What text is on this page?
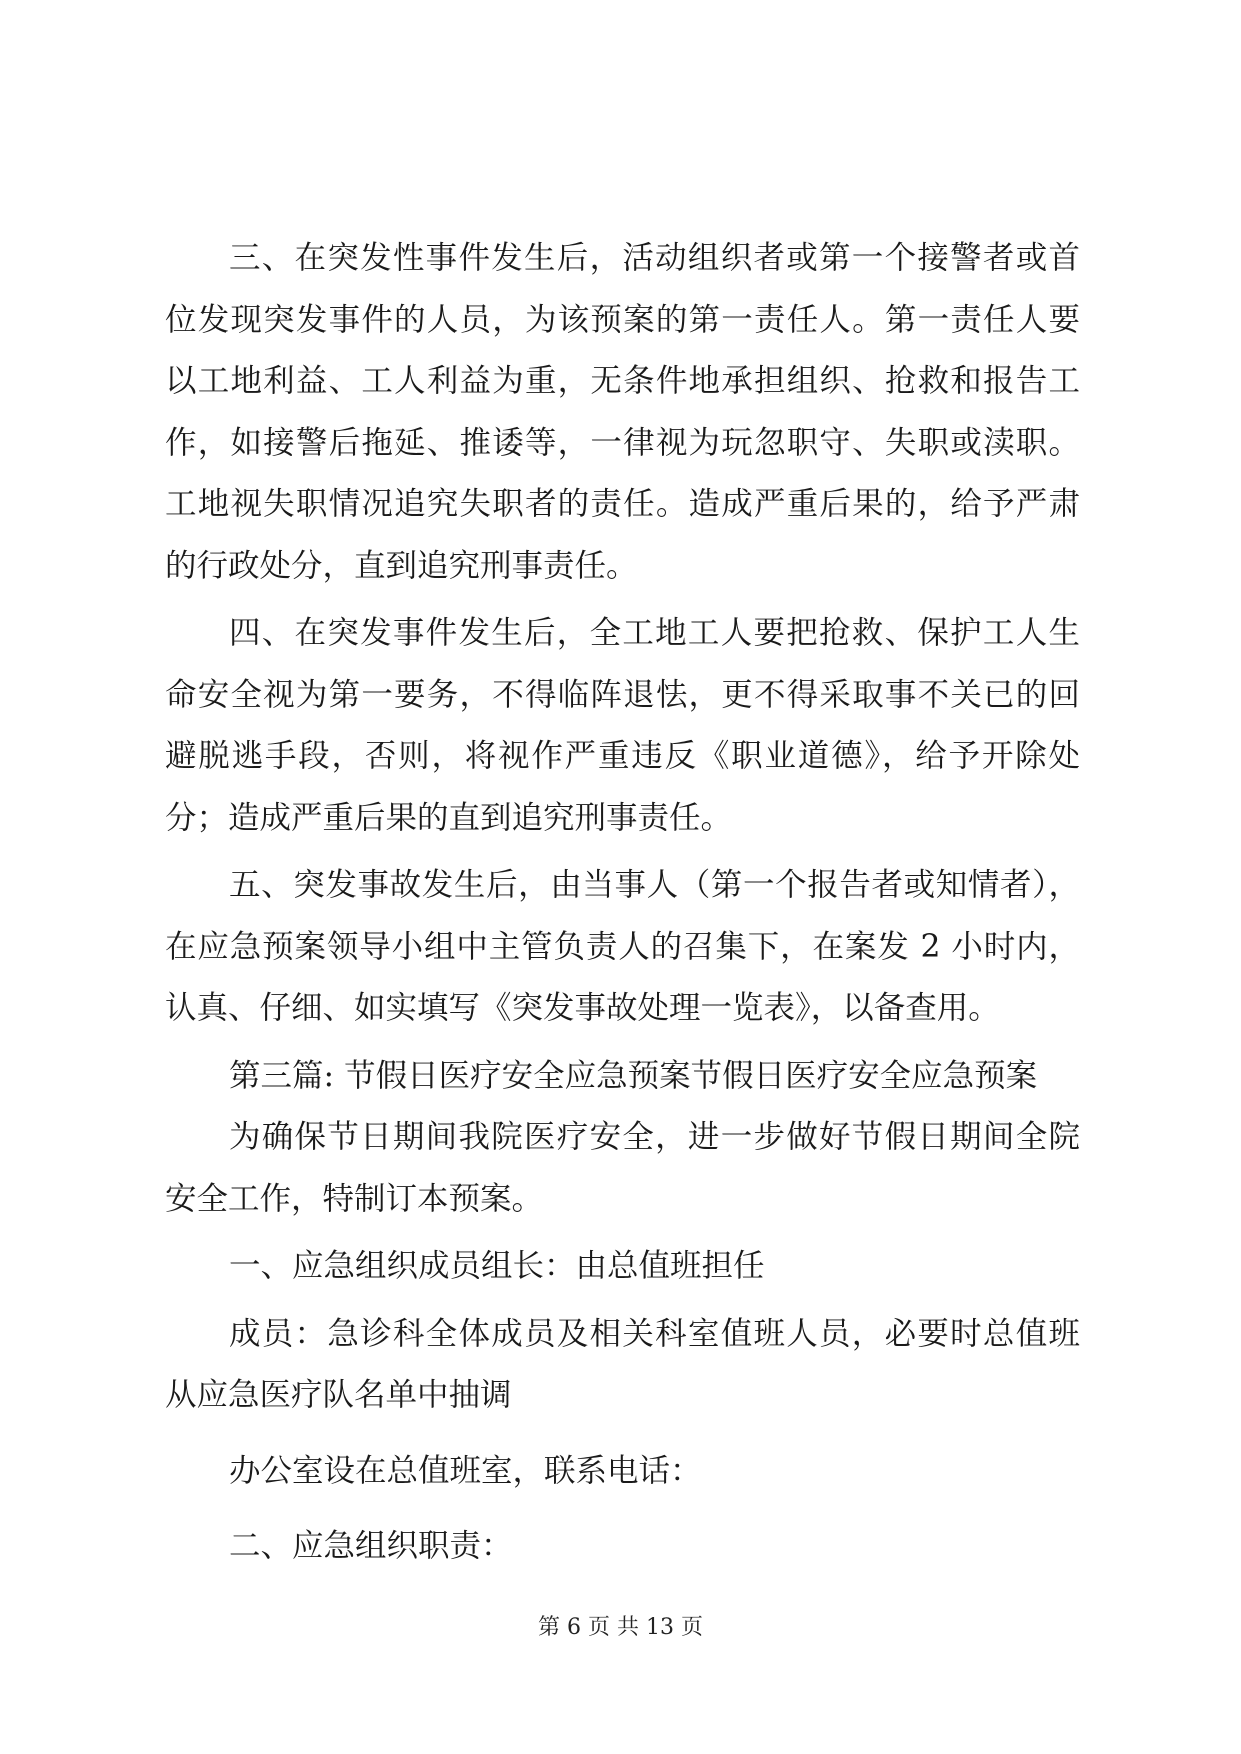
三、在突发性事件发生后，活动组织者或第一个接警者或首
位发现突发事件的人员，为该预案的第一责任人。第一责任人要
以工地利益、工人利益为重，无条件地承担组织、抢救和报告工
作，如接警后拖延、推诿等，一律视为玩忽职守、失职或渎职。
工地视失职情况追究失职者的责任。造成严重后果的，给予严肃
的行政处分，直到追究刑事责任。
四、在突发事件发生后，全工地工人要把抢救、保护工人生
命安全视为第一要务，不得临阵退怯，更不得采取事不关已的回
避脱逃手段，否则，将视作严重违反《职业道德》，给予开除处
分；造成严重后果的直到追究刑事责任。
五、突发事故发生后，由当事人（第一个报告者或知情者），
在应急预案领导小组中主管负责人的召集下，在案发 2 小时内，
认真、仔细、如实填写《突发事故处理一览表》，以备查用。
第三篇: 节假日医疗安全应急预案节假日医疗安全应急预案
为确保节日期间我院医疗安全，进一步做好节假日期间全院
安全工作，特制订本预案。
一、应急组织成员组长：由总值班担任
成员：急诊科全体成员及相关科室值班人员，必要时总值班
从应急医疗队名单中抽调
办公室设在总值班室，联系电话：
二、应急组织职责：
第 6 页 共 13 页
